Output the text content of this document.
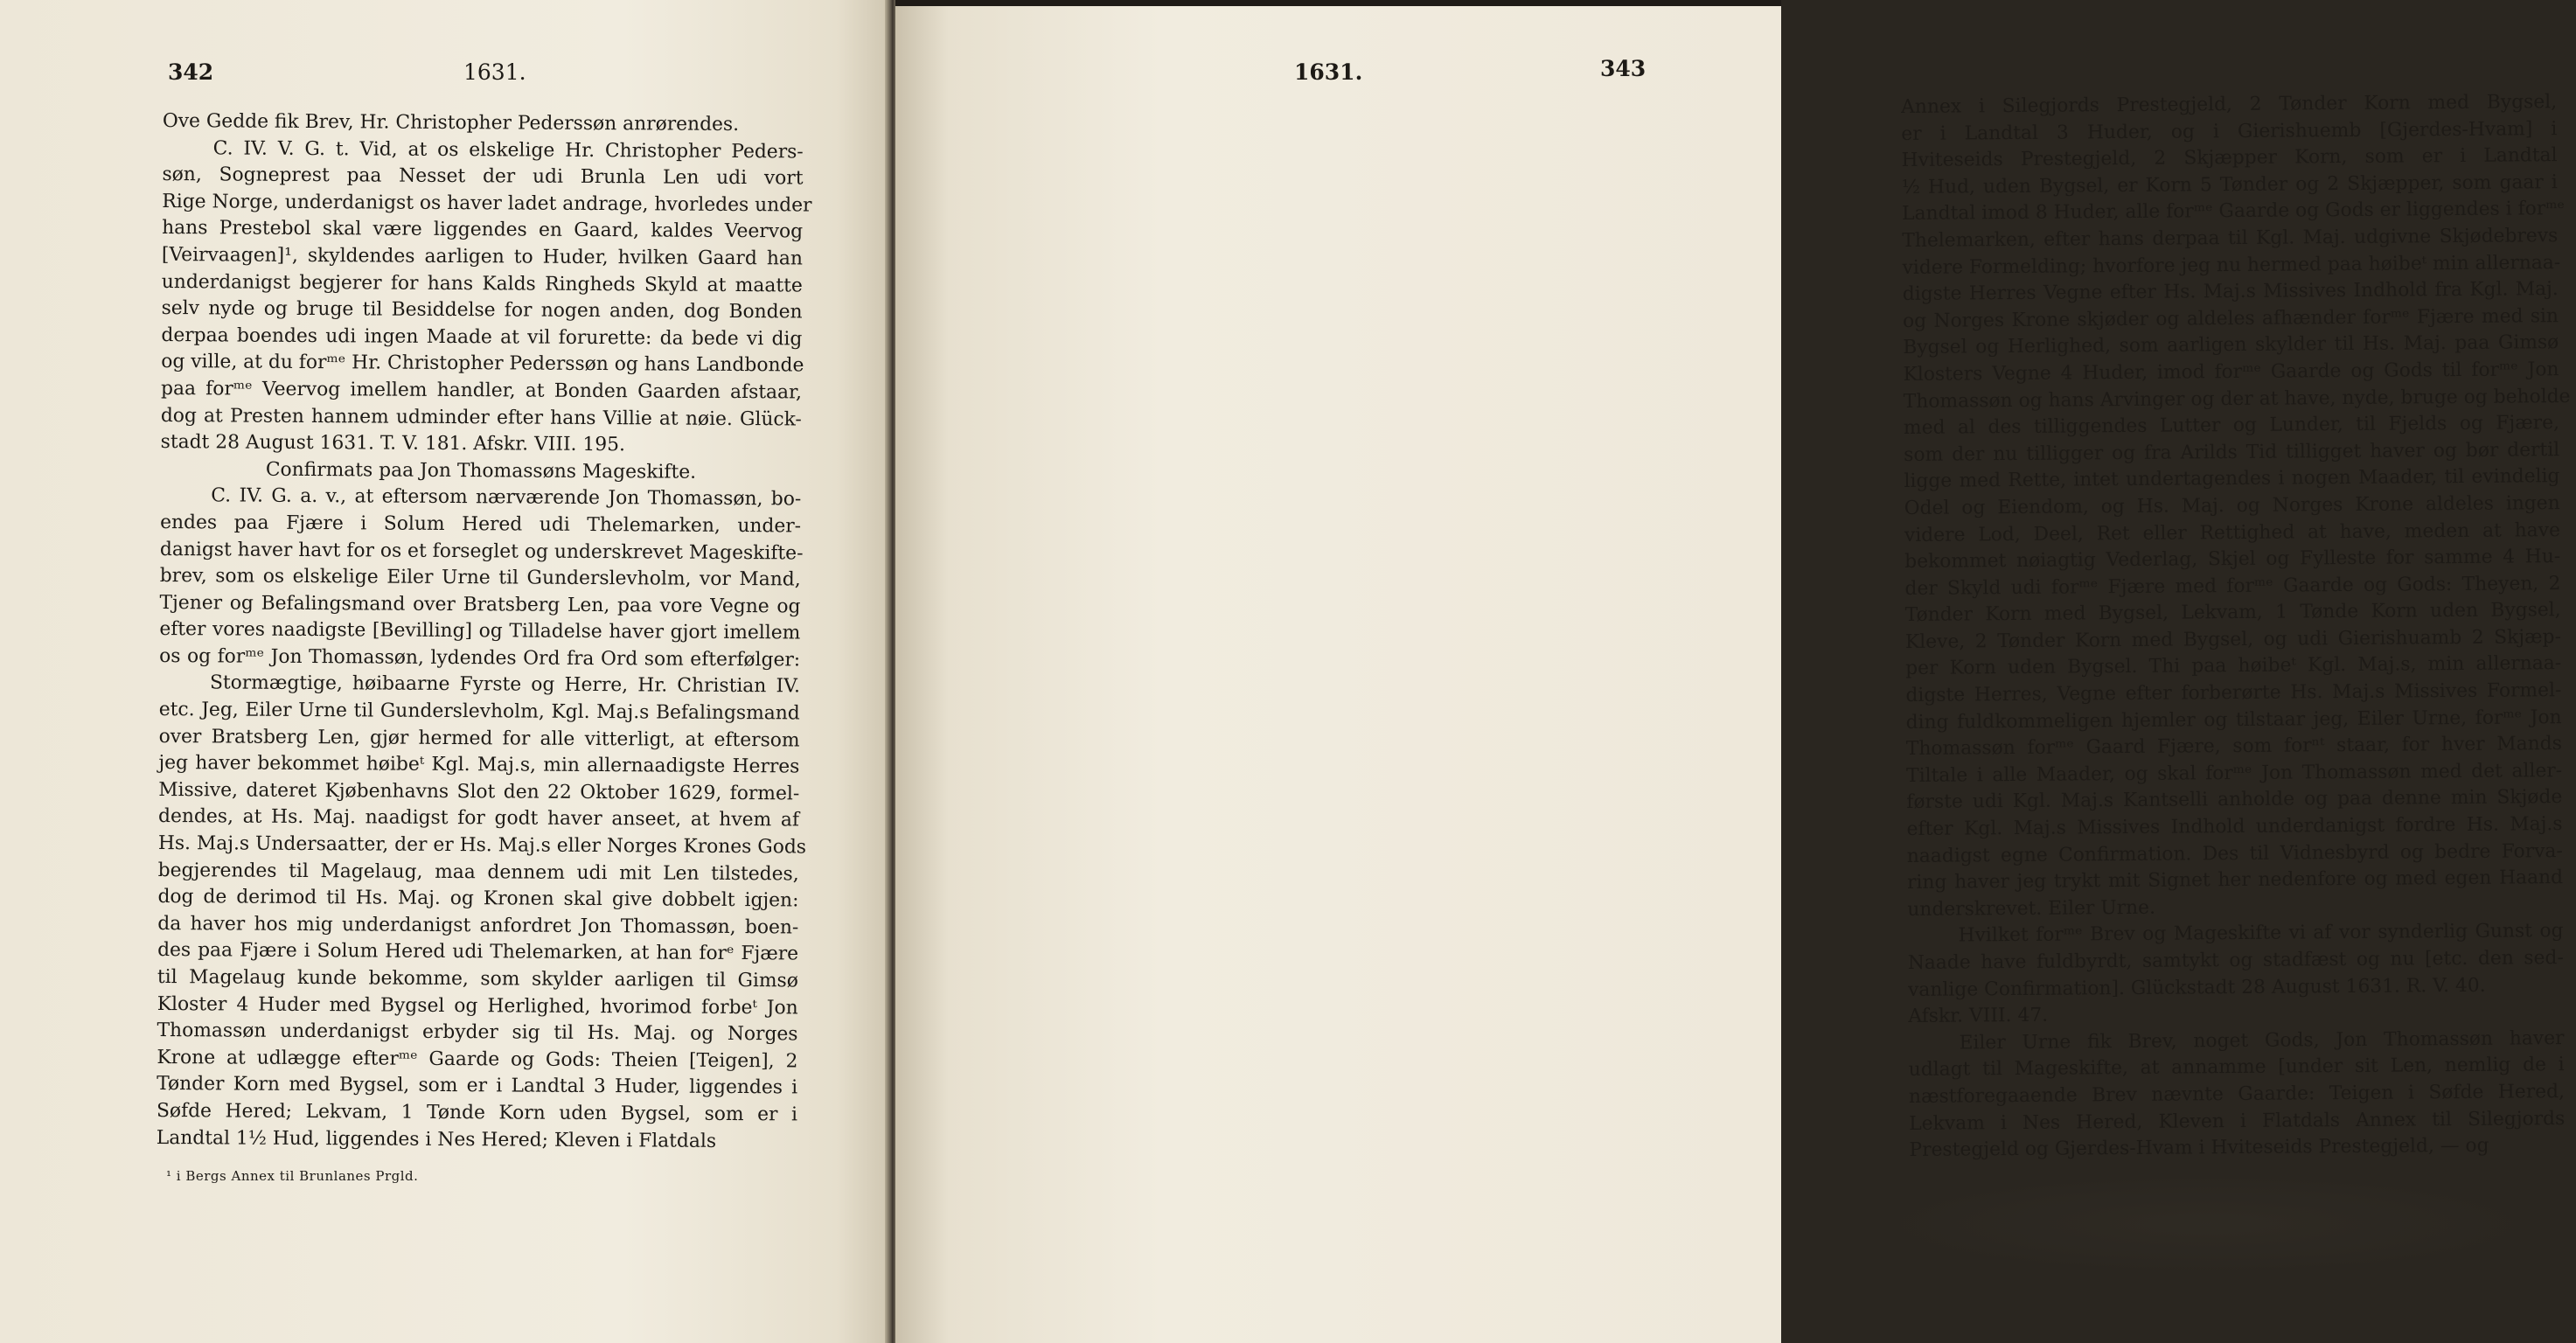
342	1631.
Ove Gedde fik Brev, Hr. Christopher Pederssøn anrørendes.
C. IV. V. G. t. Vid, at os elskelige Hr. Christopher Peders-
søn, Sogneprest paa Nesset der udi Brunla Len udi vort
Rige Norge, underdanigst os haver ladet andrage, hvorledes under
hans Prestebol skal være liggendes en Gaard, kaldes Veervog
[Veirvaagen]¹, skyldendes aarligen to Huder, hvilken Gaard han
underdanigst begjerer for hans Kalds Ringheds Skyld at maatte
selv nyde og bruge til Besiddelse for nogen anden, dog Bonden
derpaa boendes udi ingen Maade at vil forurette: da bede vi dig
og ville, at du forᵐᵉ Hr. Christopher Pederssøn og hans Landbonde
paa forᵐᵉ Veervog imellem handler, at Bonden Gaarden afstaar,
dog at Presten hannem udminder efter hans Villie at nøie. Glück-
stadt 28 August 1631. T. V. 181. Afskr. VIII. 195.
Confirmats paa Jon Thomassøns Mageskifte.
C. IV. G. a. v., at eftersom nærværende Jon Thomassøn, bo-
endes paa Fjære i Solum Hered udi Thelemarken, under-
danigst haver havt for os et forseglet og underskrevet Mageskifte-
brev, som os elskelige Eiler Urne til Gunderslevholm, vor Mand,
Tjener og Befalingsmand over Bratsberg Len, paa vore Vegne og
efter vores naadigste [Bevilling] og Tilladelse haver gjort imellem
os og forᵐᵉ Jon Thomassøn, lydendes Ord fra Ord som efterfølger:
Stormægtige, høibaarne Fyrste og Herre, Hr. Christian IV.
etc. Jeg, Eiler Urne til Gunderslevholm, Kgl. Maj.s Befalingsmand
over Bratsberg Len, gjør hermed for alle vitterligt, at eftersom
jeg haver bekommet høibeᵗ Kgl. Maj.s, min allernaadigste Herres
Missive, dateret Kjøbenhavns Slot den 22 Oktober 1629, formel-
dendes, at Hs. Maj. naadigst for godt haver anseet, at hvem af
Hs. Maj.s Undersaatter, der er Hs. Maj.s eller Norges Krones Gods
begjerendes til Magelaug, maa dennem udi mit Len tilstedes,
dog de derimod til Hs. Maj. og Kronen skal give dobbelt igjen:
da haver hos mig underdanigst anfordret Jon Thomassøn, boen-
des paa Fjære i Solum Hered udi Thelemarken, at han forᵉ Fjære
til Magelaug kunde bekomme, som skylder aarligen til Gimsø
Kloster 4 Huder med Bygsel og Herlighed, hvorimod forbeᵗ Jon
Thomassøn underdanigst erbyder sig til Hs. Maj. og Norges
Krone at udlægge efterᵐᵉ Gaarde og Gods: Theien [Teigen], 2
Tønder Korn med Bygsel, som er i Landtal 3 Huder, liggendes i
Søfde Hered; Lekvam, 1 Tønde Korn uden Bygsel, som er i
Landtal 1½ Hud, liggendes i Nes Hered; Kleven i Flatdals
¹ i Bergs Annex til Brunlanes Prgld.
Annex i Silegjords Prestegjeld, 2 Tønder Korn med Bygsel,
er i Landtal 3 Huder, og i Gierishuemb [Gjerdes-Hvam] i
Hviteseids Prestegjeld, 2 Skjæpper Korn, som er i Landtal
½ Hud, uden Bygsel, er Korn 5 Tønder og 2 Skjæpper, som gaar i
Landtal imod 8 Huder, alle forᵐᵉ Gaarde og Gods er liggendes i forᵐᵉ
Thelemarken, efter hans derpaa til Kgl. Maj. udgivne Skjødebrevs
videre Formelding; hvorfore jeg nu hermed paa høibeᵗ min allernaa-
digste Herres Vegne efter Hs. Maj.s Missives Indhold fra Kgl. Maj.
og Norges Krone skjøder og aldeles afhænder forᵐᵉ Fjære med sin
Bygsel og Herlighed, som aarligen skylder til Hs. Maj. paa Gimsø
Klosters Vegne 4 Huder, imod forᵐᵉ Gaarde og Gods til forᵐᵉ Jon
Thomassøn og hans Arvinger og der at have, nyde, bruge og beholde
med al des tilliggendes Lutter og Lunder, til Fjelds og Fjære,
som der nu tilligger og fra Arilds Tid tilligget haver og bør dertil
ligge med Rette, intet undertagendes i nogen Maader, til evindelig
Odel og Eiendom, og Hs. Maj. og Norges Krone aldeles ingen
videre Lod, Deel, Ret eller Rettighed at have, meden at have
bekommet nøiagtig Vederlag, Skjel og Fylleste for samme 4 Hu-
der Skyld udi forᵐᵉ Fjære med forᵐᵉ Gaarde og Gods: Theyen, 2
Tønder Korn med Bygsel, Lekvam, 1 Tønde Korn uden Bygsel,
Kleve, 2 Tønder Korn med Bygsel, og udi Gierishuamb 2 Skjæp-
per Korn uden Bygsel. Thi paa høibeᵗ Kgl. Maj.s, min allernaa-
digste Herres, Vegne efter forberørte Hs. Maj.s Missives Formel-
ding fuldkommeligen hjemler og tilstaar jeg, Eiler Urne, forᵐᵉ Jon
Thomassøn forᵐᵉ Gaard Fjære, som forⁿᵗ staar, for hver Mands
Tiltale i alle Maader, og skal forᵐᵉ Jon Thomassøn med det aller-
første udi Kgl. Maj.s Kantselli anholde og paa denne min Skjøde
efter Kgl. Maj.s Missives Indhold underdanigst fordre Hs. Maj.s
naadigst egne Confirmation. Des til Vidnesbyrd og bedre Forva-
ring haver jeg trykt mit Signet her nedenfore og med egen Haand
underskrevet. Eiler Urne.
Hvilket forᵐᵉ Brev og Mageskifte vi af vor synderlig Gunst og
Naade have fuldbyrdt, samtykt og stadfæst og nu [etc. den sed-
vanlige Confirmation]. Glückstadt 28 August 1631. R. V. 40.
Afskr. VIII. 47.
Eiler Urne fik Brev, noget Gods, Jon Thomassøn haver
udlagt til Mageskifte, at annamme [under sit Len, nemlig de i
næstforegaaende Brev nævnte Gaarde: Teigen i Søfde Hered,
Lekvam i Nes Hered, Kleven i Flatdals Annex til Silegjords
Prestegjeld og Gjerdes-Hvam i Hviteseids Prestegjeld, — og
1631.	343
